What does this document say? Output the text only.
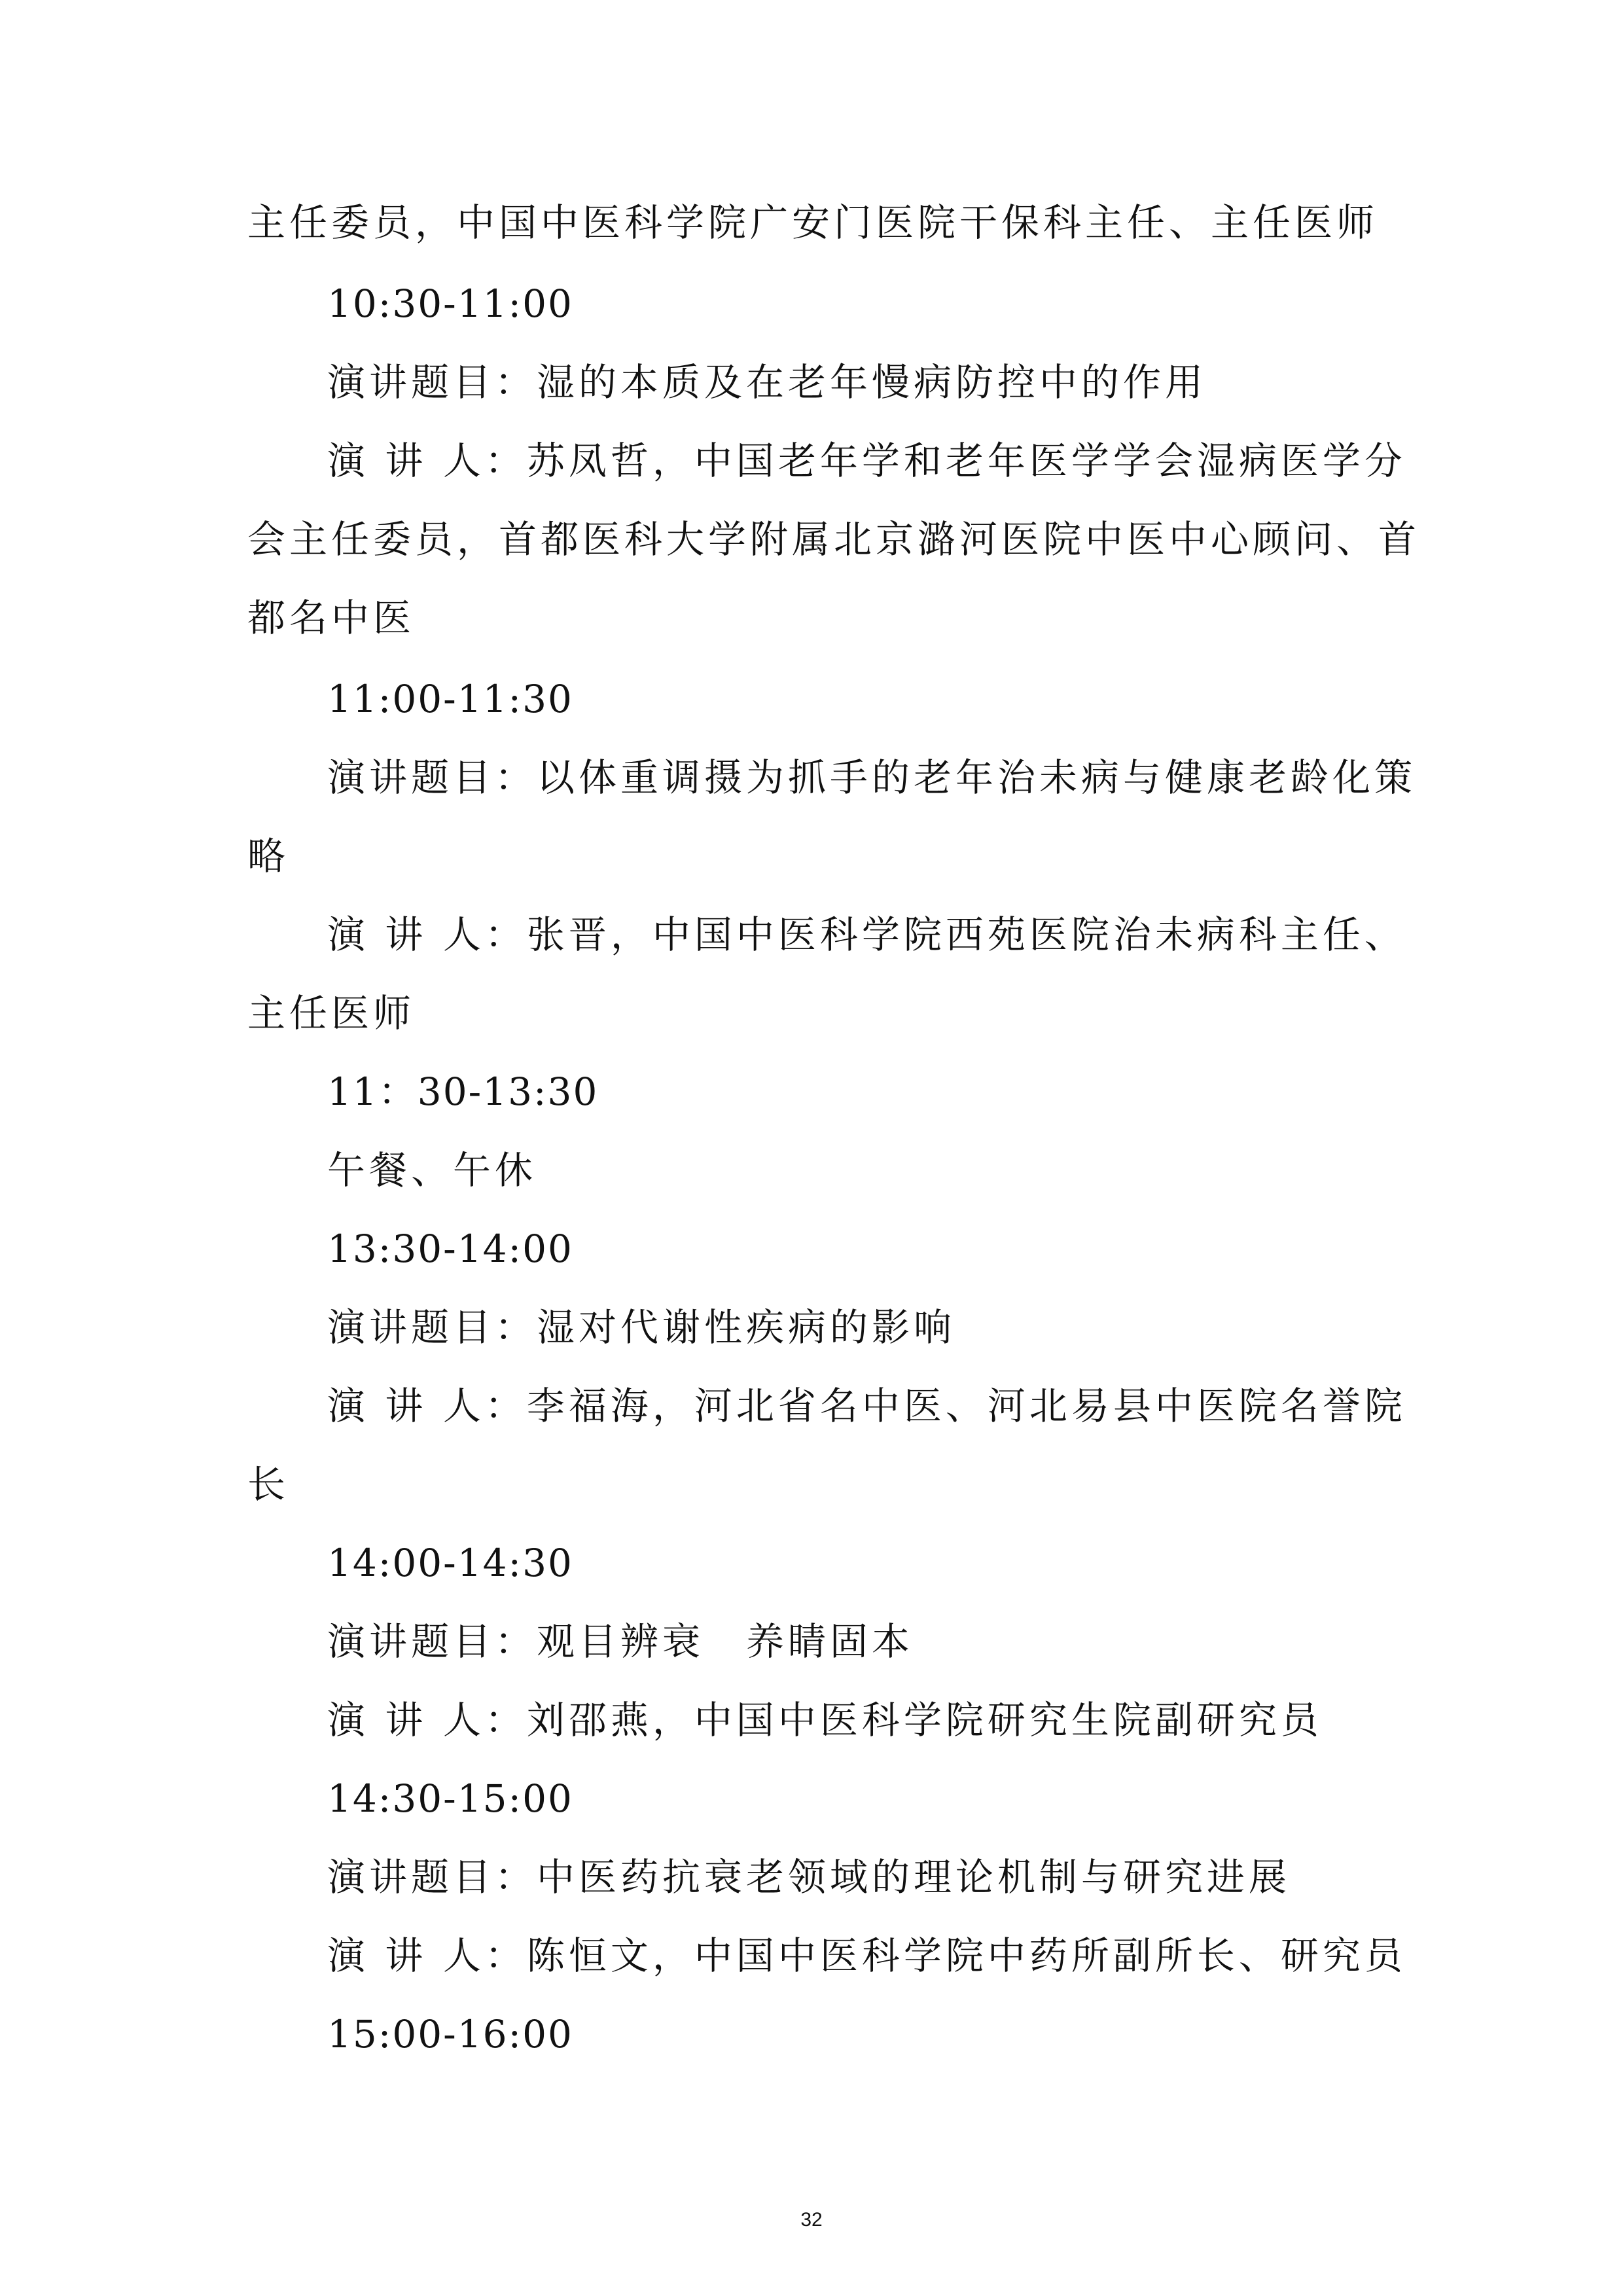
主任委员，中国中医科学院广安门医院干保科主任、主任医师
10:30-11:00
演讲题目：湿的本质及在老年慢病防控中的作用
演 讲 人：苏凤哲，中国老年学和老年医学学会湿病医学分
会主任委员，首都医科大学附属北京潞河医院中医中心顾问、首
都名中医
11:00-11:30
演讲题目：以体重调摄为抓手的老年治未病与健康老龄化策
略
演 讲 人：张晋，中国中医科学院西苑医院治未病科主任、
主任医师
11：30-13:30
午餐、午休
13:30-14:00
演讲题目：湿对代谢性疾病的影响
演 讲 人：李福海，河北省名中医、河北易县中医院名誉院
长
14:00-14:30
演讲题目：观目辨衰　养睛固本
演 讲 人：刘邵燕，中国中医科学院研究生院副研究员
14:30-15:00
演讲题目：中医药抗衰老领域的理论机制与研究进展
演 讲 人：陈恒文，中国中医科学院中药所副所长、研究员
15:00-16:00
32
